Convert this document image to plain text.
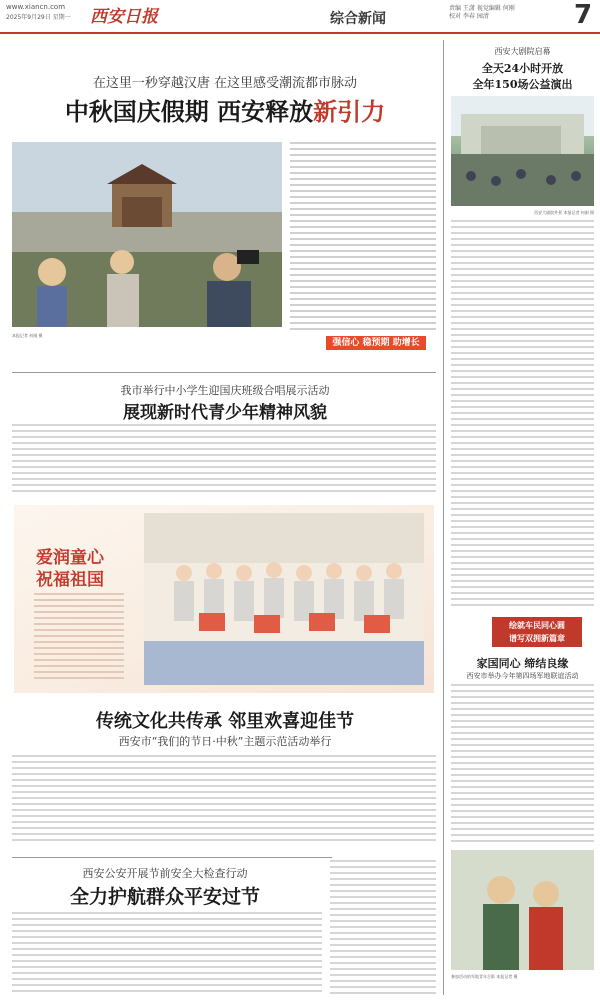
www.xiancn.com
2025年9月29日 星期一 西安日报	综合新闻
责编 王潇 视觉编辑 何刚
校对 李春 园清	7
在这里一秒穿越汉唐 在这里感受潮流都市脉动
中秋国庆假期 西安释放新引力
本报记者 何刚 摄
强信心 稳预期 助增长
我市举行中小学生迎国庆班级合唱展示活动
展现新时代青少年精神风貌
爱润童心
祝福祖国
传统文化共传承 邻里欢喜迎佳节
西安市“我们的节日·中秋”主题示范活动举行
西安公安开展节前安全大检查行动
全力护航群众平安过节
西安大剧院启幕
全天24小时开放
全年150场公益演出
西安大剧院外景 本报记者 何刚 摄
绘就车民同心圆
谱写双拥新篇章
家国同心 缔结良缘
西安市举办今年第四场军地联谊活动
参加活动的军地青年合影 本报记者 摄
